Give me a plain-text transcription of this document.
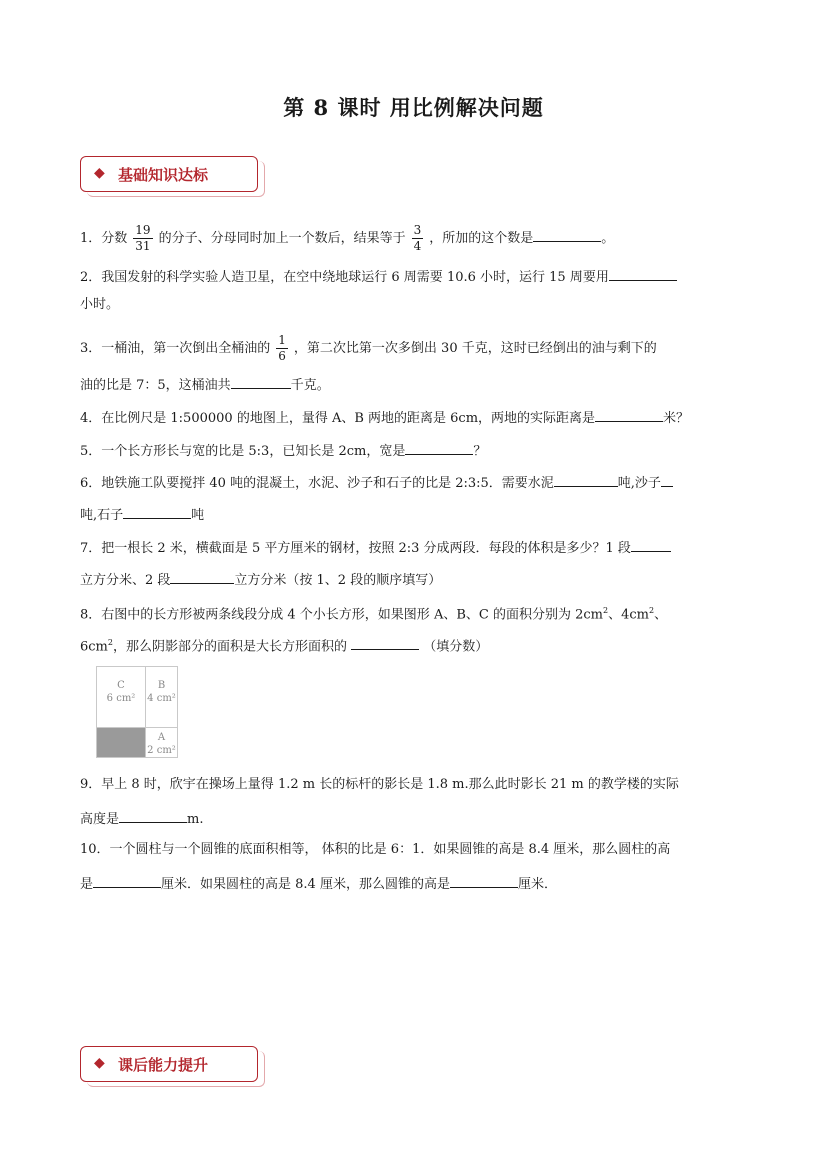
第 8 课时 用比例解决问题
◆ 基础知识达标
1．分数 $\frac{19}{31}$ 的分子、分母同时加上一个数后，结果等于 $\frac{3}{4}$ ，所加的这个数是	。
2．我国发射的科学实验人造卫星，在空中绕地球运行 6 周需要 10.6 小时，运行 15 周要用
小时。
3．一桶油，第一次倒出全桶油的 $\frac{1}{6}$ ，第二次比第一次多倒出 30 千克，这时已经倒出的油与剩下的
油的比是 7：5，这桶油共	千克。
4．在比例尺是 1:500000 的地图上，量得 A、B 两地的距离是 6cm，两地的实际距离是	米？
5．一个长方形长与宽的比是 5:3，已知长是 2cm，宽是	？
6．地铁施工队要搅拌 40 吨的混凝土，水泥、沙子和石子的比是 2:3:5．需要水泥	吨,沙子
吨,石子	吨
7．把一根长 2 米，横截面是 5 平方厘米的钢材，按照 2:3 分成两段．每段的体积是多少？1 段
立方分米、2 段	立方分米（按 1、2 段的顺序填写）
8．右图中的长方形被两条线段分成 4 个小长方形，如果图形 A、B、C 的面积分别为 $2cm^2$、$4cm^2$、
$6cm^2$，那么阴影部分的面积是大长方形面积的	（填分数）
C
6 cm²
B
4 cm²
A
2 cm²
9．早上 8 时，欣宇在操场上量得 1.2 m 长的标杆的影长是 1.8 m.那么此时影长 21 m 的教学楼的实际
高度是	m.
10．一个圆柱与一个圆锥的底面积相等， 体积的比是 6：1．如果圆锥的高是 8.4 厘米，那么圆柱的高
是	厘米．如果圆柱的高是 8.4 厘米，那么圆锥的高是	厘米．
◆ 课后能力提升
